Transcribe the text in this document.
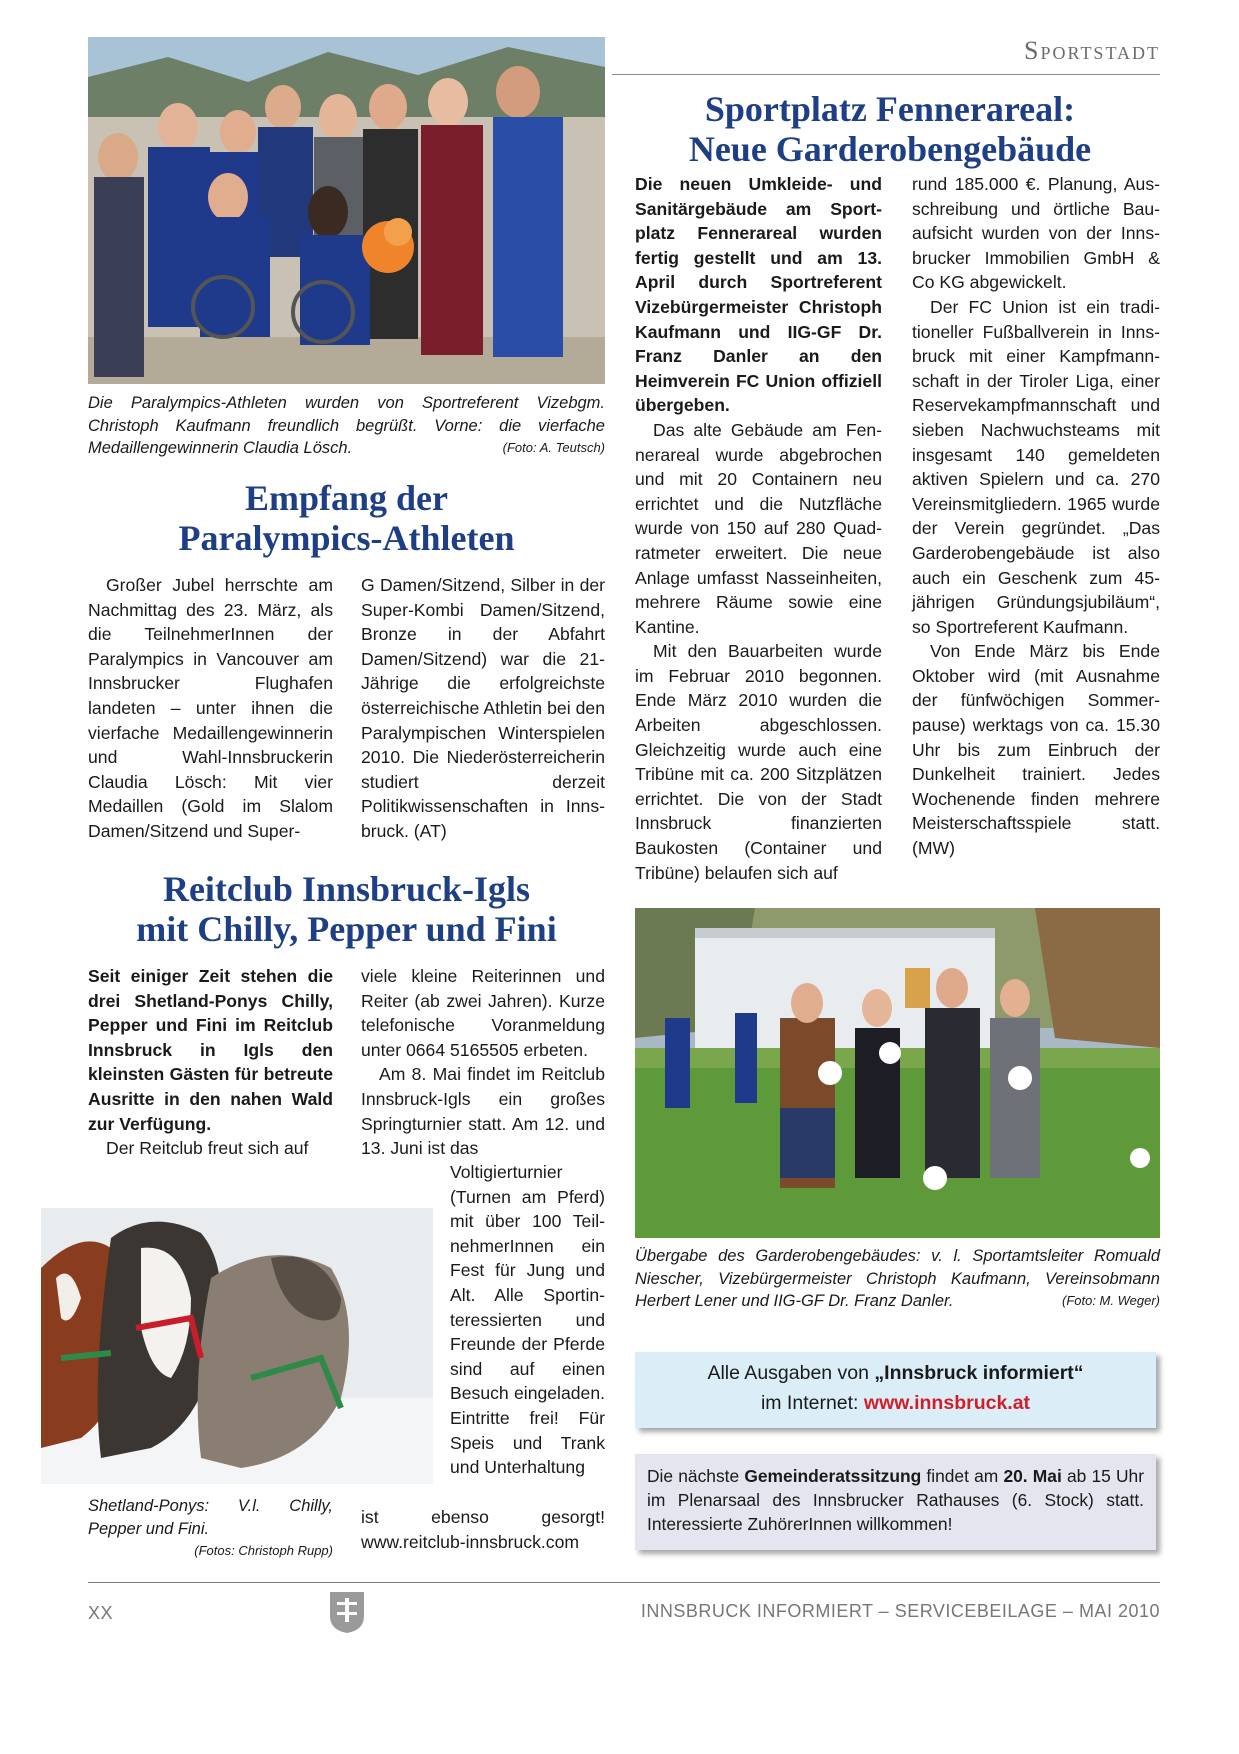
Sportstadt
Die Paralympics-Athleten wurden von Sportreferent Vizebgm. Christoph Kaufmann freundlich begrüßt. Vorne: die vierfache Medaillengewinnerin Claudia Lösch.	(Foto: A. Teutsch)
Empfang der
Paralympics-Athleten

Großer Jubel herrschte am Nachmittag des 23. März, als die TeilnehmerInnen der Paralympics in Vancouver am Innsbrucker Flughafen landeten – unter ihnen die vierfache Medaillengewinnerin und Wahl-Innsbruckerin Claudia Lösch: Mit vier Medaillen (Gold im Slalom Damen/Sitzend und Super-

G Damen/Sitzend, Silber in der Super-Kombi Damen/Sitzend, Bronze in der Abfahrt Damen/Sitzend) war die 21-Jährige die erfolgreichste österreichische Athletin bei den Paralympischen Winterspielen 2010. Die Niederösterreicherin studiert derzeit Politikwissenschaften in Innsbruck. (AT)

Reitclub Innsbruck-Igls
mit Chilly, Pepper und Fini

Seit einiger Zeit stehen die drei Shetland-Ponys Chilly, Pepper und Fini im Reitclub Innsbruck in Igls den kleinsten Gästen für betreute Ausritte in den nahen Wald zur Verfügung.

Der Reitclub freut sich auf

viele kleine Reiterinnen und Reiter (ab zwei Jahren). Kurze telefonische Voranmeldung unter 0664 5165505 erbeten.

Am 8. Mai findet im Reitclub Innsbruck-Igls ein großes Springturnier statt. Am 12. und 13. Juni ist das

Voltigierturnier (Turnen am Pferd) mit über 100 TeilnehmerInnen ein Fest für Jung und Alt. Alle Sportinteressierten und Freunde der Pferde sind auf einen Besuch eingeladen. Eintritte frei! Für Speis und Trank und Unterhaltung

ist ebenso gesorgt! www.reitclub-innsbruck.com

Shetland-Ponys: V.l. Chilly, Pepper und Fini.
(Fotos: Christoph Rupp)
Sportplatz Fennerareal:
Neue Garderobengebäude

Die neuen Umkleide- und Sanitärgebäude am Sportplatz Fennerareal wurden fertig gestellt und am 13. April durch Sportreferent Vizebürgermeister Christoph Kaufmann und IIG-GF Dr. Franz Danler an den Heimverein FC Union offiziell übergeben.

Das alte Gebäude am Fennerareal wurde abgebrochen und mit 20 Containern neu errichtet und die Nutzfläche wurde von 150 auf 280 Quadratmeter erweitert. Die neue Anlage umfasst Nasseinheiten, mehrere Räume sowie eine Kantine.

Mit den Bauarbeiten wurde im Februar 2010 begonnen. Ende März 2010 wurden die Arbeiten abgeschlossen. Gleichzeitig wurde auch eine Tribüne mit ca. 200 Sitzplätzen errichtet. Die von der Stadt Innsbruck finanzierten Baukosten (Container und Tribüne) belaufen sich auf

rund 185.000 €. Planung, Ausschreibung und örtliche Bauaufsicht wurden von der Innsbrucker Immobilien GmbH & Co KG abgewickelt.

Der FC Union ist ein traditioneller Fußballverein in Innsbruck mit einer Kampfmannschaft in der Tiroler Liga, einer Reservekampfmannschaft und sieben Nachwuchsteams mit insgesamt 140 gemeldeten aktiven Spielern und ca. 270 Vereinsmitgliedern. 1965 wurde der Verein gegründet. „Das Garderobengebäude ist also auch ein Geschenk zum 45-jährigen Gründungsjubiläum“, so Sportreferent Kaufmann.

Von Ende März bis Ende Oktober wird (mit Ausnahme der fünfwöchigen Sommerpause) werktags von ca. 15.30 Uhr bis zum Einbruch der Dunkelheit trainiert. Jedes Wochenende finden mehrere Meisterschaftsspiele statt. (MW)

Übergabe des Garderobengebäudes: v. l. Sportamtsleiter Romuald Niescher, Vizebürgermeister Christoph Kaufmann, Vereinsobmann Herbert Lener und IIG-GF Dr. Franz Danler.	(Foto: M. Weger)
Alle Ausgaben von „Innsbruck informiert“
im Internet: www.innsbruck.at
Die nächste Gemeinderatssitzung findet am 20. Mai ab 15 Uhr im Plenarsaal des Innsbrucker Rathauses (6. Stock) statt. Interessierte ZuhörerInnen willkommen!
XX	INNSBRUCK INFORMIERT – SERVICEBEILAGE – MAI 2010
